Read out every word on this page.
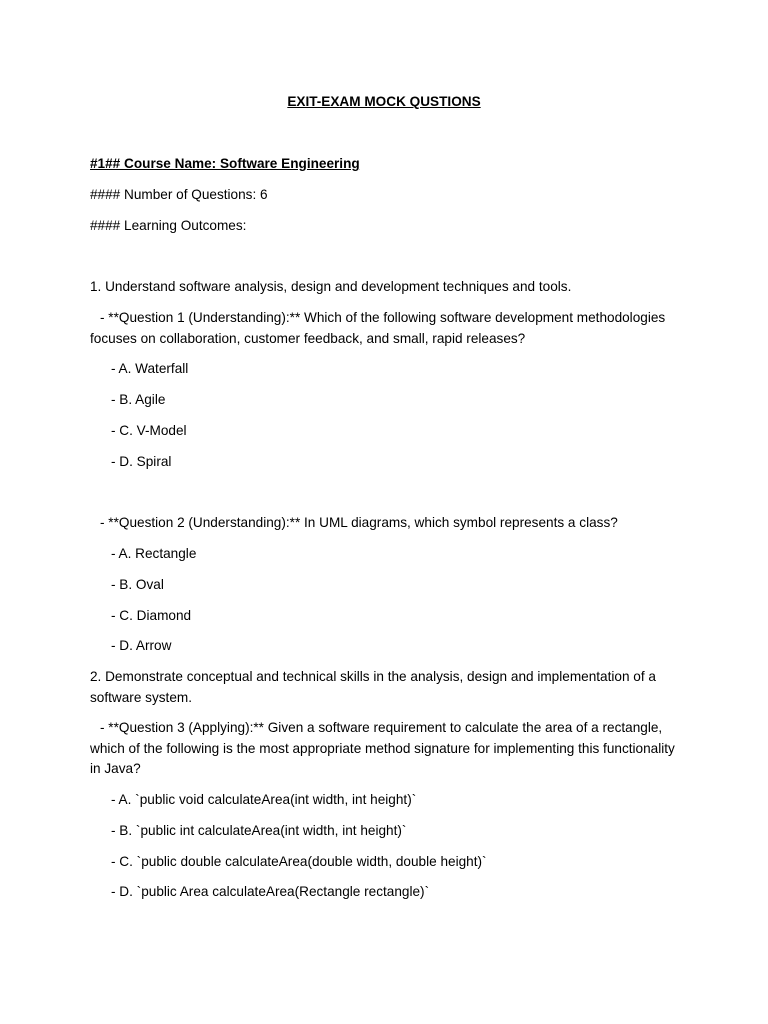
EXIT-EXAM MOCK QUSTIONS
#1## Course Name: Software Engineering
#### Number of Questions: 6
#### Learning Outcomes:
1. Understand software analysis, design and development techniques and tools.
- **Question 1 (Understanding):** Which of the following software development methodologies focuses on collaboration, customer feedback, and small, rapid releases?
- A. Waterfall
- B. Agile
- C. V-Model
- D. Spiral
- **Question 2 (Understanding):** In UML diagrams, which symbol represents a class?
- A. Rectangle
- B. Oval
- C. Diamond
- D. Arrow
2. Demonstrate conceptual and technical skills in the analysis, design and implementation of a software system.
- **Question 3 (Applying):** Given a software requirement to calculate the area of a rectangle, which of the following is the most appropriate method signature for implementing this functionality in Java?
- A. `public void calculateArea(int width, int height)`
- B. `public int calculateArea(int width, int height)`
- C. `public double calculateArea(double width, double height)`
- D. `public Area calculateArea(Rectangle rectangle)`
